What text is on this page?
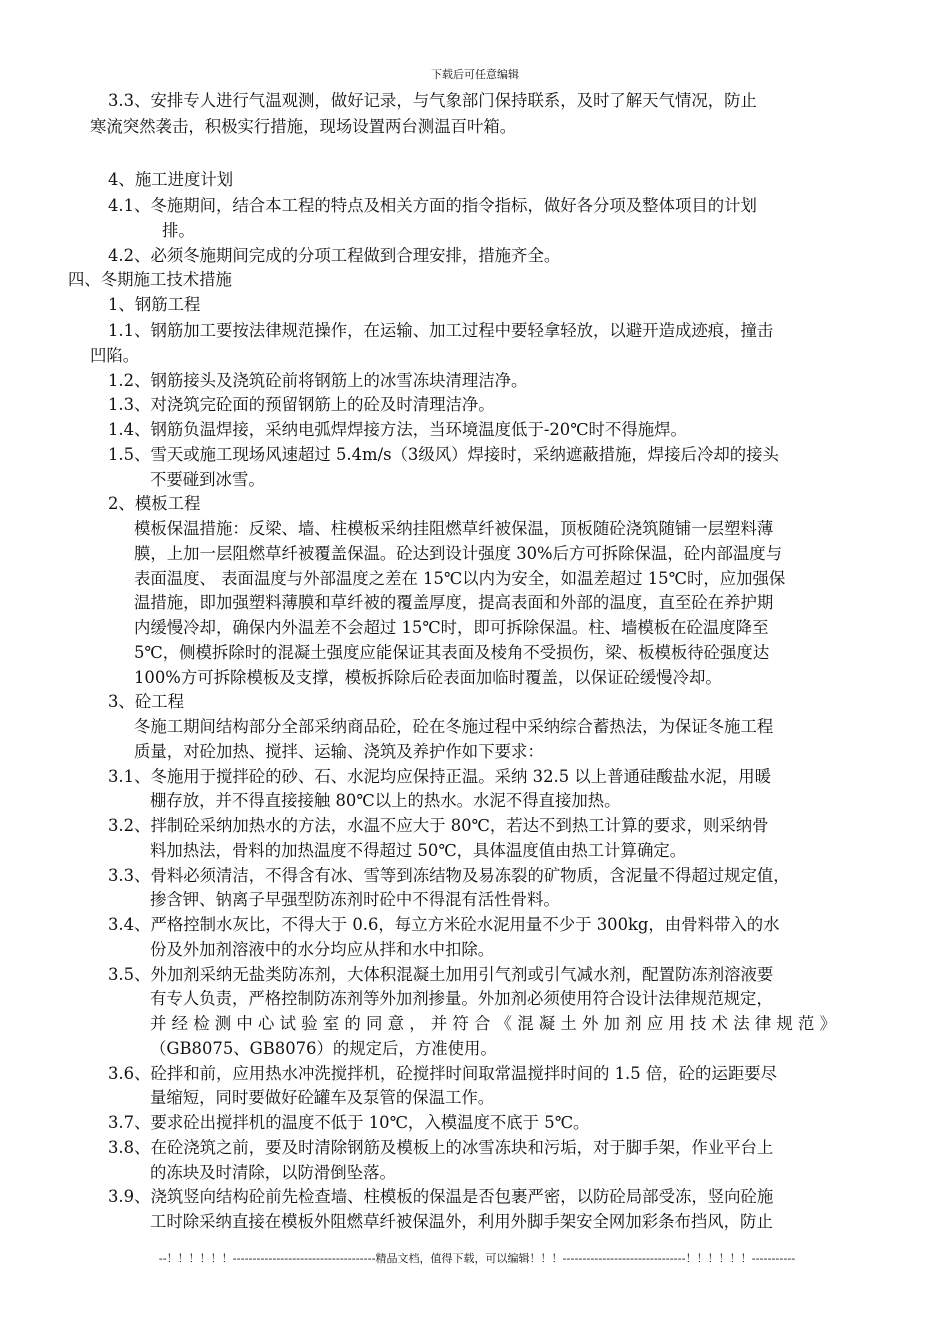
下载后可任意编辑
3.3、安排专人进行气温观测，做好记录，与气象部门保持联系，及时了解天气情况，防止
寒流突然袭击，积极实行措施，现场设置两台测温百叶箱。
4、施工进度计划
4.1、冬施期间，结合本工程的特点及相关方面的指令指标，做好各分项及整体项目的计划
排。
4.2、必须冬施期间完成的分项工程做到合理安排，措施齐全。
四、冬期施工技术措施
1、钢筋工程
1.1、钢筋加工要按法律规范操作，在运输、加工过程中要轻拿轻放，以避开造成迹痕，撞击
凹陷。
1.2、钢筋接头及浇筑砼前将钢筋上的冰雪冻块清理洁净。
1.3、对浇筑完砼面的预留钢筋上的砼及时清理洁净。
1.4、钢筋负温焊接，采纳电弧焊焊接方法，当环境温度低于-20℃时不得施焊。
1.5、雪天或施工现场风速超过 5.4m/s（3级风）焊接时，采纳遮蔽措施，焊接后冷却的接头
不要碰到冰雪。
2、模板工程
模板保温措施：反梁、墙、柱模板采纳挂阻燃草纤被保温，顶板随砼浇筑随铺一层塑料薄
膜，上加一层阻燃草纤被覆盖保温。砼达到设计强度 30%后方可拆除保温，砼内部温度与
表面温度、 表面温度与外部温度之差在 15℃以内为安全，如温差超过 15℃时，应加强保
温措施，即加强塑料薄膜和草纤被的覆盖厚度，提高表面和外部的温度，直至砼在养护期
内缓慢冷却，确保内外温差不会超过 15℃时，即可拆除保温。柱、墙模板在砼温度降至
5℃，侧模拆除时的混凝土强度应能保证其表面及棱角不受损伤，梁、板模板待砼强度达
100%方可拆除模板及支撑，模板拆除后砼表面加临时覆盖，以保证砼缓慢冷却。
3、砼工程
冬施工期间结构部分全部采纳商品砼，砼在冬施过程中采纳综合蓄热法，为保证冬施工程
质量，对砼加热、搅拌、运输、浇筑及养护作如下要求：
3.1、冬施用于搅拌砼的砂、石、水泥均应保持正温。采纳 32.5 以上普通硅酸盐水泥，用暖
棚存放，并不得直接接触 80℃以上的热水。水泥不得直接加热。
3.2、拌制砼采纳加热水的方法，水温不应大于 80℃，若达不到热工计算的要求，则采纳骨
料加热法，骨料的加热温度不得超过 50℃，具体温度值由热工计算确定。
3.3、骨料必须清洁，不得含有冰、雪等到冻结物及易冻裂的矿物质，含泥量不得超过规定值，
掺含钾、钠离子早强型防冻剂时砼中不得混有活性骨料。
3.4、严格控制水灰比，不得大于 0.6，每立方米砼水泥用量不少于 300kg，由骨料带入的水
份及外加剂溶液中的水分均应从拌和水中扣除。
3.5、外加剂采纳无盐类防冻剂，大体积混凝土加用引气剂或引气减水剂，配置防冻剂溶液要
有专人负责，严格控制防冻剂等外加剂掺量。外加剂必须使用符合设计法律规范规定，
并 经 检 测 中 心 试 验 室 的 同 意 ， 并 符 合 《 混 凝 土 外 加 剂 应 用 技 术 法 律 规 范 》
（GB8075、GB8076）的规定后，方准使用。
3.6、砼拌和前，应用热水冲洗搅拌机，砼搅拌时间取常温搅拌时间的 1.5 倍，砼的运距要尽
量缩短，同时要做好砼罐车及泵管的保温工作。
3.7、要求砼出搅拌机的温度不低于 10℃，入模温度不底于 5℃。
3.8、在砼浇筑之前，要及时清除钢筋及模板上的冰雪冻块和污垢，对于脚手架，作业平台上
的冻块及时清除，以防滑倒坠落。
3.9、浇筑竖向结构砼前先检查墙、柱模板的保温是否包裹严密，以防砼局部受冻，竖向砼施
工时除采纳直接在模板外阻燃草纤被保温外，利用外脚手架安全网加彩条布挡风，防止
--！！！！！！------------------------------------精品文档，值得下载，可以编辑！！！-------------------------------！！！！！！-----------
